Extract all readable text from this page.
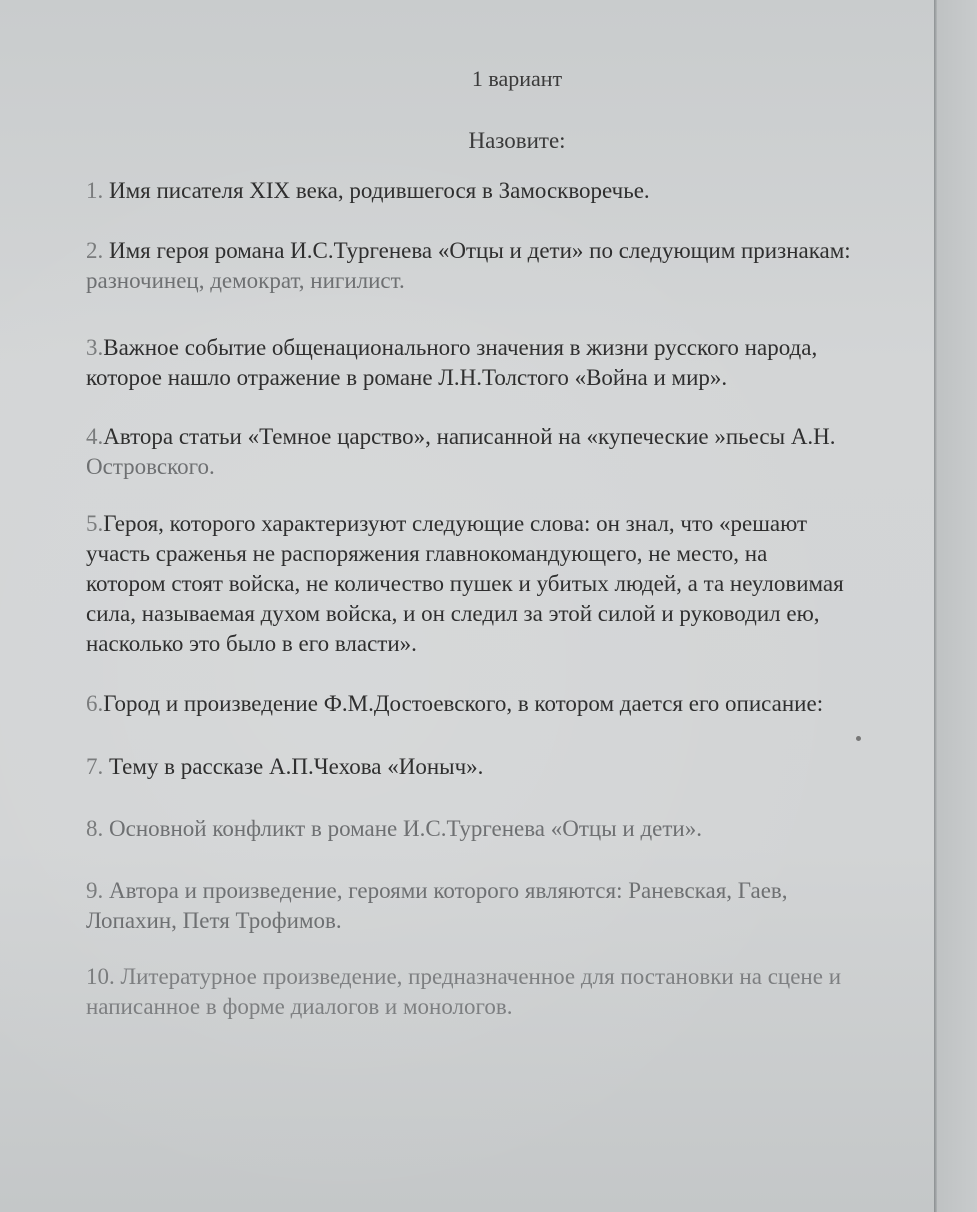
1 вариант
Назовите:
1. Имя писателя XIX века, родившегося в Замоскворечье.
2. Имя героя романа И.С.Тургенева «Отцы и дети» по следующим признакам:
разночинец, демократ, нигилист.
3.Важное событие общенационального значения в жизни русского народа,
которое нашло отражение в романе Л.Н.Толстого «Война и мир».
4.Автора статьи «Темное царство», написанной на «купеческие »пьесы А.Н.
Островского.
5.Героя, которого характеризуют следующие слова: он знал, что «решают
участь сраженья не распоряжения главнокомандующего, не место, на
котором стоят войска, не количество пушек и убитых людей, а та неуловимая
сила, называемая духом войска, и он следил за этой силой и руководил ею,
насколько это было в его власти».
6.Город и произведение Ф.М.Достоевского, в котором дается его описание:
7. Тему в рассказе А.П.Чехова «Ионыч».
8. Основной конфликт в романе И.С.Тургенева «Отцы и дети».
9. Автора и произведение, героями которого являются: Раневская, Гаев,
Лопахин, Петя Трофимов.
10. Литературное произведение, предназначенное для постановки на сцене и
написанное в форме диалогов и монологов.
